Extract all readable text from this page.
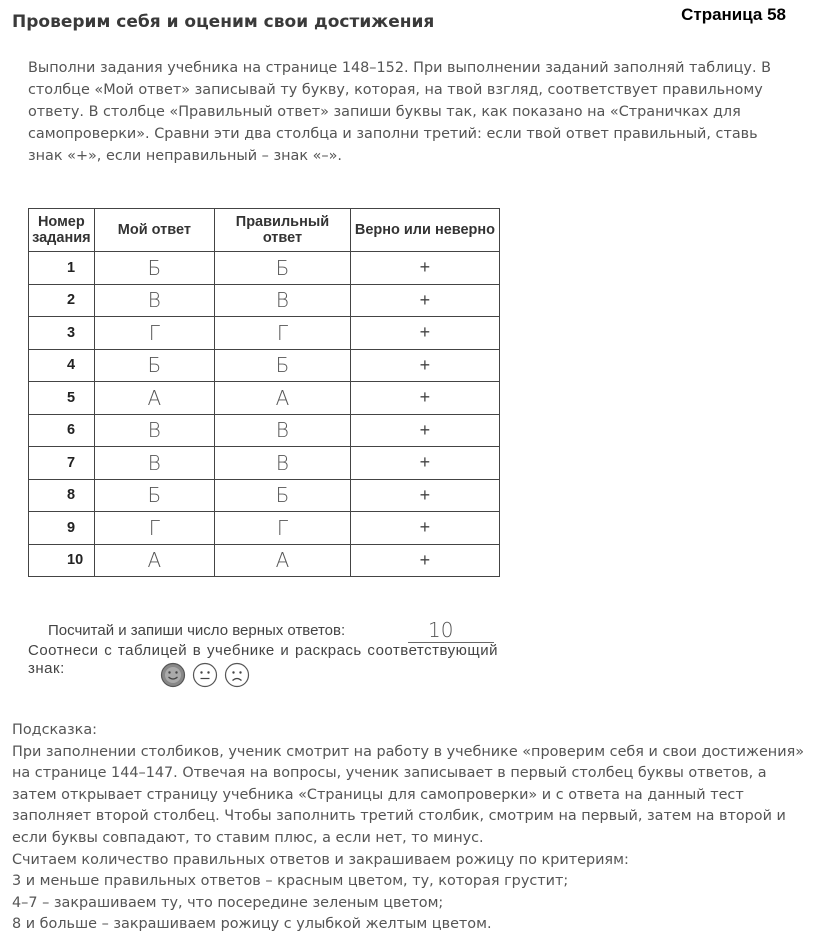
Проверим себя и оценим свои достижения	Страница 58
Выполни задания учебника на странице 148–152. При выполнении заданий заполняй таблицу. В столбце «Мой ответ» записывай ту букву, которая, на твой взгляд, соответствует правильному ответу. В столбце «Правильный ответ» запиши буквы так, как показано на «Страничках для самопроверки». Сравни эти два столбца и заполни третий: если твой ответ правильный, ставь знак «+», если неправильный – знак «–».
Номер задания	Мой ответ	Правильный ответ	Верно или неверно
1	Б	Б	+
2	В	В	+
3	Г	Г	+
4	Б	Б	+
5	А	А	+
6	В	В	+
7	В	В	+
8	Б	Б	+
9	Г	Г	+
10	А	А	+
Посчитай и запиши число верных ответов:	10
Соотнеси с таблицей в учебнике и раскрась соответствующий знак:
Подсказка:
При заполнении столбиков, ученик смотрит на работу в учебнике «проверим себя и свои достижения»
на странице 144–147. Отвечая на вопросы, ученик записывает в первый столбец буквы ответов, а
затем открывает страницу учебника «Страницы для самопроверки» и с ответа на данный тест
заполняет второй столбец. Чтобы заполнить третий столбик, смотрим на первый, затем на второй и
если буквы совпадают, то ставим плюс, а если нет, то минус.
Считаем количество правильных ответов и закрашиваем рожицу по критериям:
3 и меньше правильных ответов – красным цветом, ту, которая грустит;
4–7 – закрашиваем ту, что посередине зеленым цветом;
8 и больше – закрашиваем рожицу с улыбкой желтым цветом.
